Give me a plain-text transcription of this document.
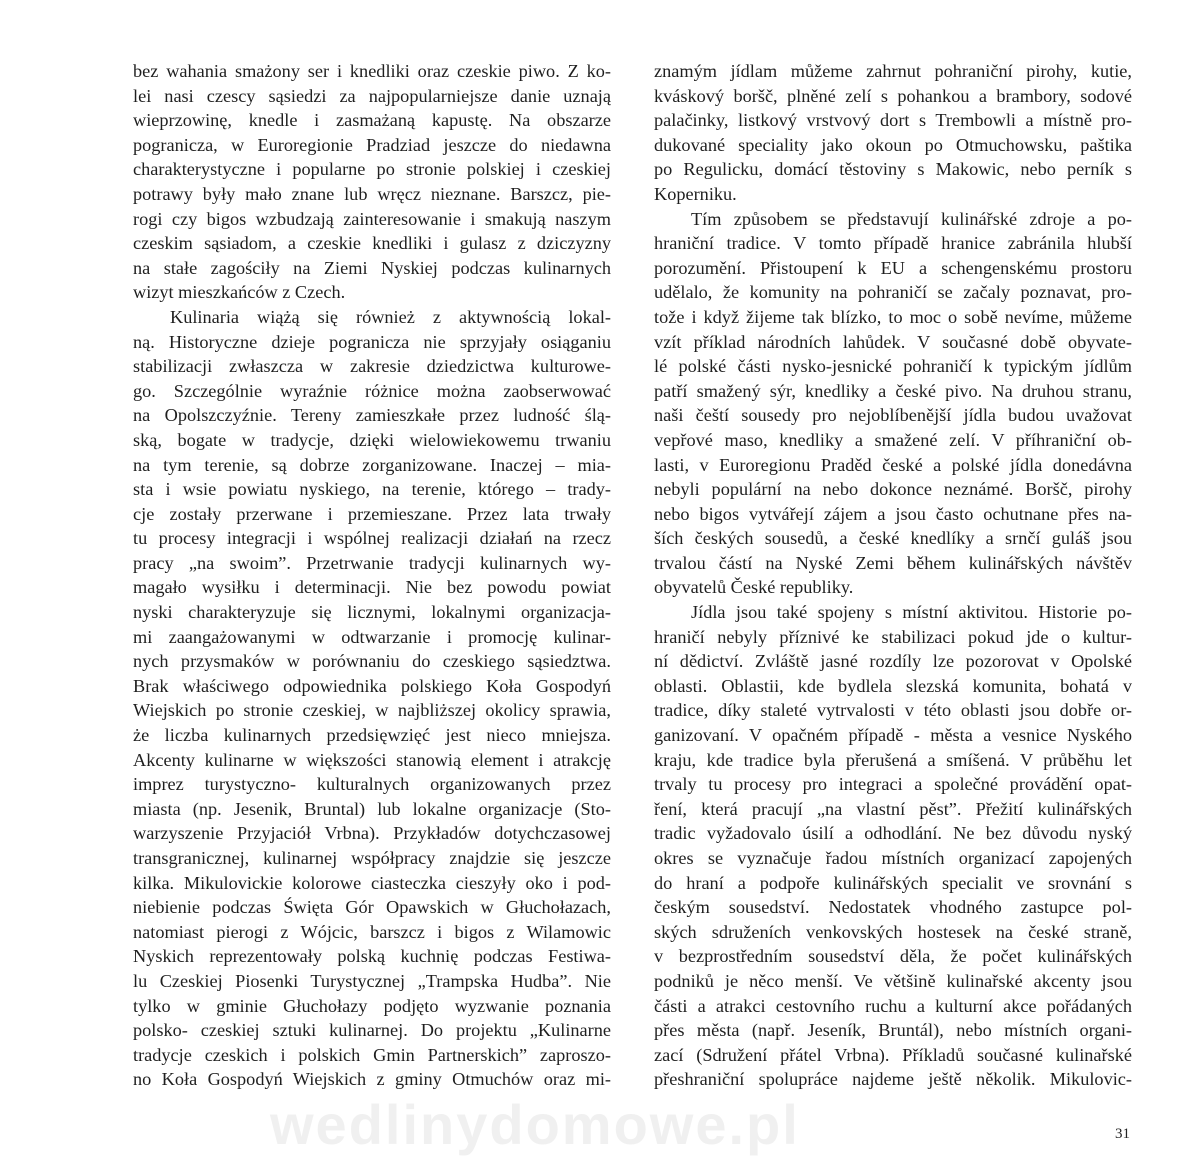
bez wahania smażony ser i knedliki oraz czeskie piwo. Z ko-
lei nasi czescy sąsiedzi za najpopularniejsze danie uznają
wieprzowinę, knedle i zasmażaną kapustę. Na obszarze
pogranicza, w Euroregionie Pradziad jeszcze do niedawna
charakterystyczne i popularne po stronie polskiej i czeskiej
potrawy były mało znane lub wręcz nieznane. Barszcz, pie-
rogi czy bigos wzbudzają zainteresowanie i smakują naszym
czeskim sąsiadom, a czeskie knedliki i gulasz z dziczyzny
na stałe zagościły na Ziemi Nyskiej podczas kulinarnych
wizyt mieszkańców z Czech.
Kulinaria wiążą się również z aktywnością lokal-
ną. Historyczne dzieje pogranicza nie sprzyjały osiąganiu
stabilizacji zwłaszcza w zakresie dziedzictwa kulturowe-
go. Szczególnie wyraźnie różnice można zaobserwować
na Opolszczyźnie. Tereny zamieszkałe przez ludność ślą-
ską, bogate w tradycje, dzięki wielowiekowemu trwaniu
na tym terenie, są dobrze zorganizowane. Inaczej – mia-
sta i wsie powiatu nyskiego, na terenie, którego – trady-
cje zostały przerwane i przemieszane. Przez lata trwały
tu procesy integracji i wspólnej realizacji działań na rzecz
pracy „na swoim”. Przetrwanie tradycji kulinarnych wy-
magało wysiłku i determinacji. Nie bez powodu powiat
nyski charakteryzuje się licznymi, lokalnymi organizacja-
mi zaangażowanymi w odtwarzanie i promocję kulinar-
nych przysmaków w porównaniu do czeskiego sąsiedztwa.
Brak właściwego odpowiednika polskiego Koła Gospodyń
Wiejskich po stronie czeskiej, w najbliższej okolicy sprawia,
że liczba kulinarnych przedsięwzięć jest nieco mniejsza.
Akcenty kulinarne w większości stanowią element i atrakcję
imprez turystyczno- kulturalnych organizowanych przez
miasta (np. Jesenik, Bruntal) lub lokalne organizacje (Sto-
warzyszenie Przyjaciół Vrbna). Przykładów dotychczasowej
transgranicznej, kulinarnej współpracy znajdzie się jeszcze
kilka. Mikulovickie kolorowe ciasteczka cieszyły oko i pod-
niebienie podczas Święta Gór Opawskich w Głuchołazach,
natomiast pierogi z Wójcic, barszcz i bigos z Wilamowic
Nyskich reprezentowały polską kuchnię podczas Festiwa-
lu Czeskiej Piosenki Turystycznej „Trampska Hudba”. Nie
tylko w gminie Głuchołazy podjęto wyzwanie poznania
polsko- czeskiej sztuki kulinarnej. Do projektu „Kulinarne
tradycje czeskich i polskich Gmin Partnerskich” zaproszo-
no Koła Gospodyń Wiejskich z gminy Otmuchów oraz mi-
znamým jídlam můžeme zahrnut pohraniční pirohy, kutie,
kváskový boršč, plněné zelí s pohankou a brambory, sodové
palačinky, listkový vrstvový dort s Trembowli a místně pro-
dukované speciality jako okoun po Otmuchowsku, paštika
po Regulicku, domácí těstoviny s Makowic, nebo perník s
Koperniku.
Tím způsobem se představují kulinářské zdroje a po-
hraniční tradice. V tomto případě hranice zabránila hlubší
porozumění. Přistoupení k EU a schengenskému prostoru
udělalo, že komunity na pohraničí se začaly poznavat, pro-
tože i když žijeme tak blízko, to moc o sobě nevíme, můžeme
vzít příklad národních lahůdek. V současné době obyvate-
lé polské části nysko-jesnické pohraničí k typickým jídlům
patří smažený sýr, knedliky a české pivo. Na druhou stranu,
naši čeští sousedy pro nejoblíbenější jídla budou uvažovat
vepřové maso, knedliky a smažené zelí. V příhraniční ob-
lasti, v Euroregionu Praděd české a polské jídla donedávna
nebyli populární na nebo dokonce neznámé. Boršč, pirohy
nebo bigos vytvářejí zájem a jsou často ochutnane přes na-
ších českých sousedů, a české knedlíky a srnčí guláš jsou
trvalou částí na Nyské Zemi během kulinářských návštěv
obyvatelů České republiky.
Jídla jsou také spojeny s místní aktivitou. Historie po-
hraničí nebyly příznivé ke stabilizaci pokud jde o kultur-
ní dědictví. Zvláště jasné rozdíly lze pozorovat v Opolské
oblasti. Oblastii, kde bydlela slezská komunita, bohatá v
tradice, díky staleté vytrvalosti v této oblasti jsou dobře or-
ganizovaní. V opačném případě - města a vesnice Nyského
kraju, kde tradice byla přerušená a smíšená. V průběhu let
trvaly tu procesy pro integraci a společné provádění opat-
ření, která pracují „na vlastní pěst”. Přežití kulinářských
tradic vyžadovalo úsilí a odhodlání. Ne bez důvodu nyský
okres se vyznačuje řadou místních organizací zapojených
do hraní a podpoře kulinářských specialit ve srovnání s
českým sousedství. Nedostatek vhodného zastupce pol-
ských sdruženích venkovských hostesek na české straně,
v bezprostředním sousedství děla, že počet kulinářských
podniků je něco menší. Ve většině kulinařské akcenty jsou
části a atrakci cestovního ruchu a kulturní akce pořádaných
přes města (např. Jeseník, Bruntál), nebo místních organi-
zací (Sdružení přátel Vrbna). Příkladů současné kulinařské
přeshraniční spolupráce najdeme ještě několik. Mikulovic-
wedlinydomowe.pl	31
